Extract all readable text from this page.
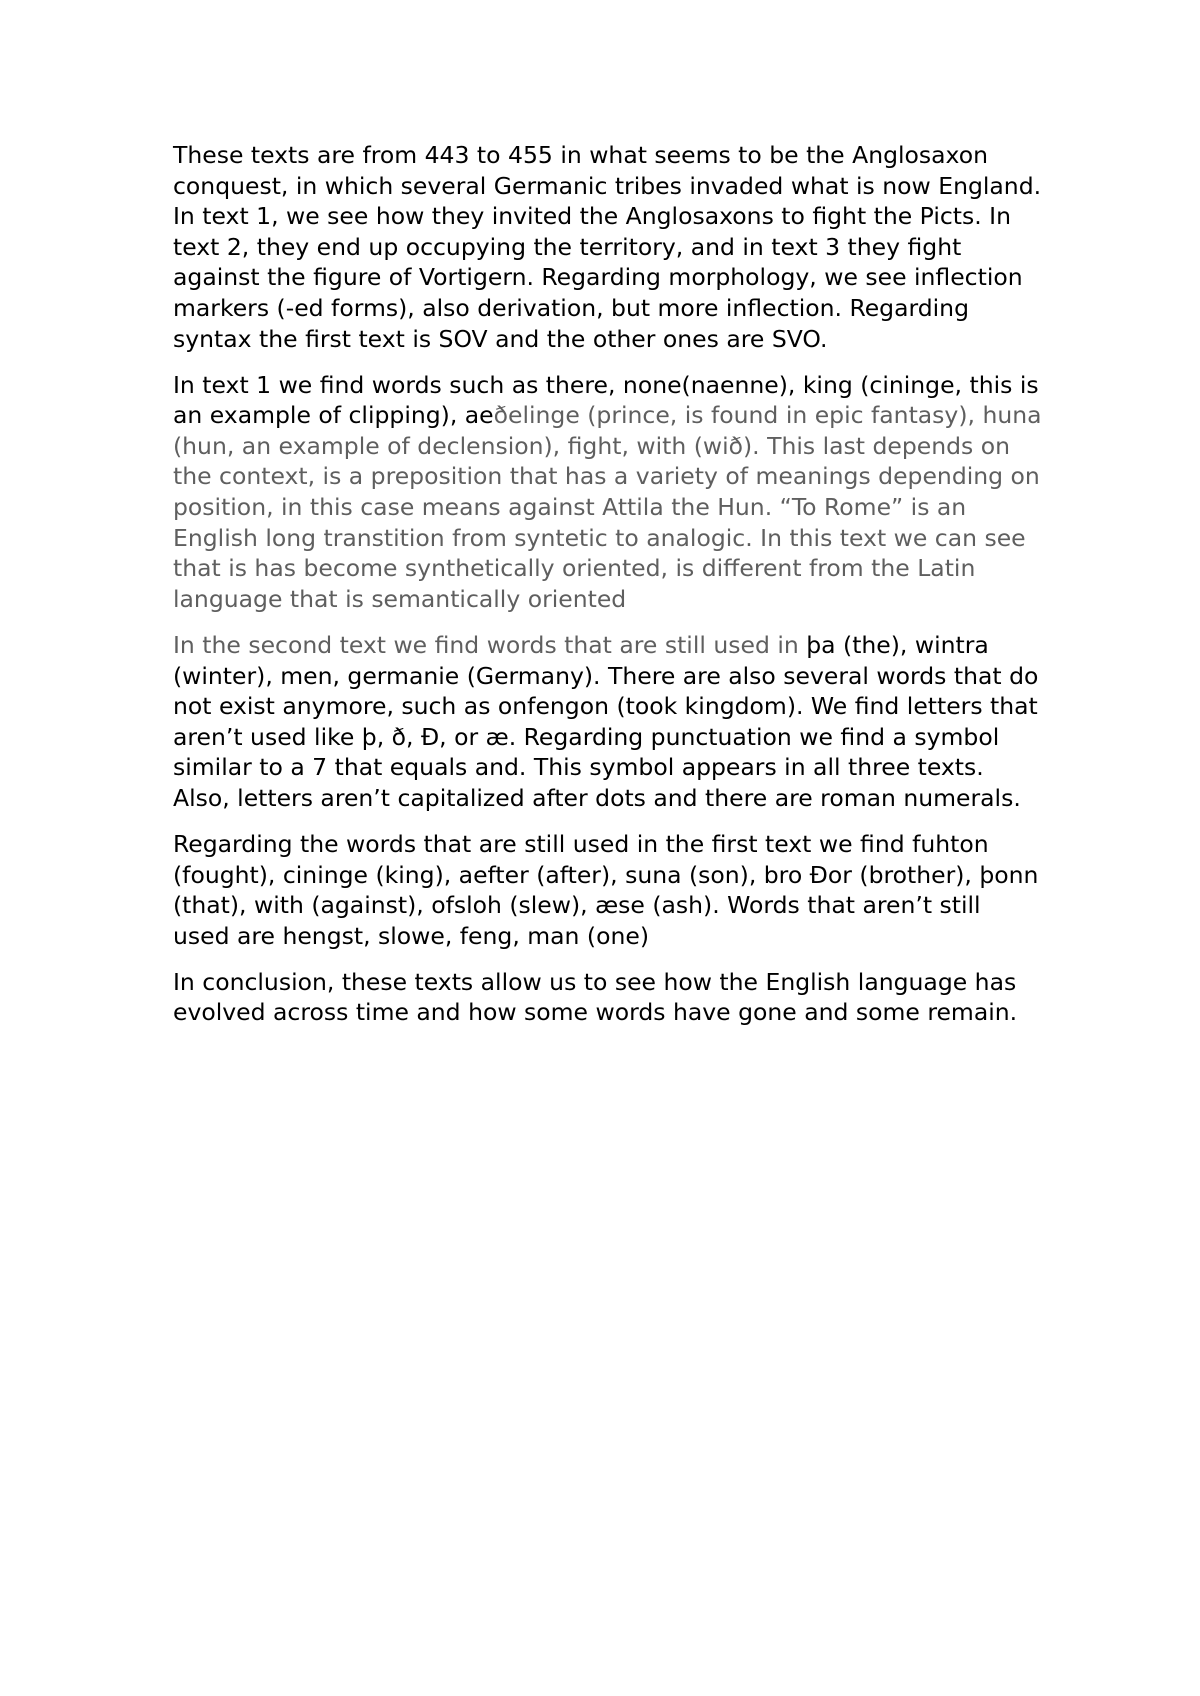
These texts are from 443 to 455 in what seems to be the Anglosaxon conquest, in which several Germanic tribes invaded what is now England. In text 1, we see how they invited the Anglosaxons to fight the Picts. In text 2, they end up occupying the territory, and in text 3 they fight against the figure of Vortigern. Regarding morphology, we see inflection markers (-ed forms), also derivation, but more inflection. Regarding syntax the first text is SOV and the other ones are SVO.

In text 1 we find words such as there, none(naenne), king (cininge, this is an example of clipping), aeðelinge (prince, is found in epic fantasy), huna (hun, an example of declension), fight, with (wið). This last depends on the context, is a preposition that has a variety of meanings depending on position, in this case means against Attila the Hun. “To Rome” is an English long transtition from syntetic to analogic. In this text we can see that is has become synthetically oriented, is different from the Latin language that is semantically oriented

In the second text we find words that are still used in þa (the), wintra (winter), men, germanie (Germany). There are also several words that do not exist anymore, such as onfengon (took kingdom). We find letters that aren’t used like þ, ð, Ð, or æ. Regarding punctuation we find a symbol similar to a 7 that equals and. This symbol appears in all three texts. Also, letters aren’t capitalized after dots and there are roman numerals.

Regarding the words that are still used in the first text we find fuhton (fought), cininge (king), aefter (after), suna (son), bro Ðor (brother), þonn (that), with (against), ofsloh (slew), æse (ash). Words that aren’t still used are hengst, slowe, feng, man (one)

In conclusion, these texts allow us to see how the English language has evolved across time and how some words have gone and some remain.
